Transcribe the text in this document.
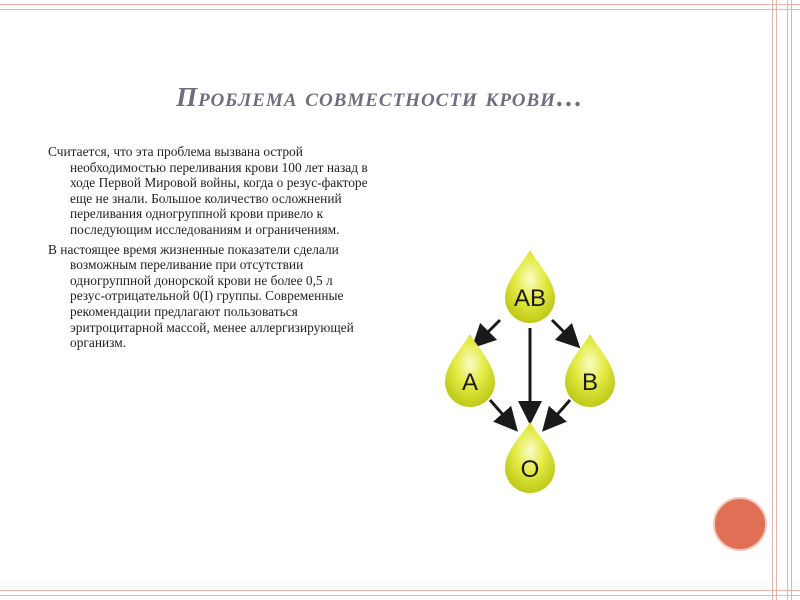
Проблема совместности крови…

Считается, что эта проблема вызвана острой необходимостью переливания крови 100 лет назад в ходе Первой Мировой войны, когда о резус-факторе еще не знали. Большое количество осложнений переливания одногруппной крови привело к последующим исследованиям и ограничениям.

В настоящее время жизненные показатели сделали возможным переливание при отсутствии одногруппной донорской крови не более 0,5 л резус-отрицательной 0(I) группы. Современные рекомендации предлагают пользоваться эритроцитарной массой, менее аллергизирующей организм.

AB
A	B
O
